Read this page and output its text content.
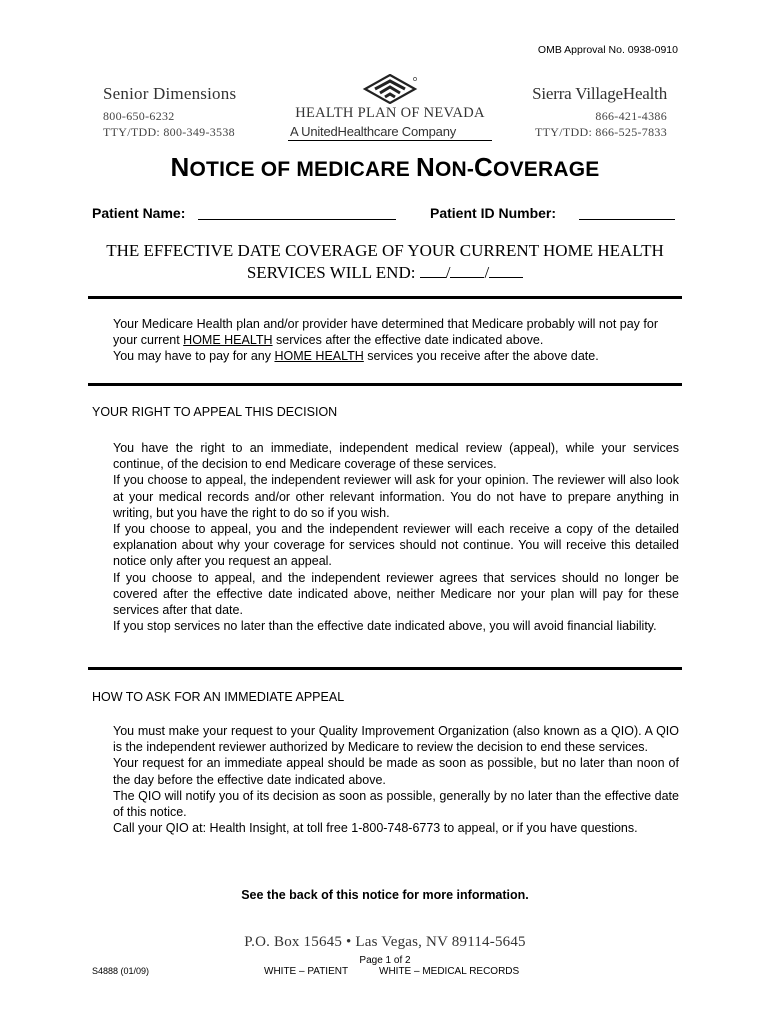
OMB Approval No. 0938-0910
Senior Dimensions
800-650-6232
TTY/TDD: 800-349-3538
HEALTH PLAN OF NEVADA
A UnitedHealthcare Company
Sierra VillageHealth
866-421-4386
TTY/TDD: 866-525-7833
NOTICE OF MEDICARE NON-COVERAGE
Patient Name:	Patient ID Number:
THE EFFECTIVE DATE COVERAGE OF YOUR CURRENT HOME HEALTH
SERVICES WILL END: / /
Your Medicare Health plan and/or provider have determined that Medicare probably will not pay for your current HOME HEALTH services after the effective date indicated above.
You may have to pay for any HOME HEALTH services you receive after the above date.
YOUR RIGHT TO APPEAL THIS DECISION
You have the right to an immediate, independent medical review (appeal), while your services continue, of the decision to end Medicare coverage of these services.
If you choose to appeal, the independent reviewer will ask for your opinion. The reviewer will also look at your medical records and/or other relevant information. You do not have to prepare anything in writing, but you have the right to do so if you wish.
If you choose to appeal, you and the independent reviewer will each receive a copy of the detailed explanation about why your coverage for services should not continue. You will receive this detailed notice only after you request an appeal.
If you choose to appeal, and the independent reviewer agrees that services should no longer be covered after the effective date indicated above, neither Medicare nor your plan will pay for these services after that date.
If you stop services no later than the effective date indicated above, you will avoid financial liability.
HOW TO ASK FOR AN IMMEDIATE APPEAL
You must make your request to your Quality Improvement Organization (also known as a QIO). A QIO is the independent reviewer authorized by Medicare to review the decision to end these services.
Your request for an immediate appeal should be made as soon as possible, but no later than noon of the day before the effective date indicated above.
The QIO will notify you of its decision as soon as possible, generally by no later than the effective date of this notice.
Call your QIO at: Health Insight, at toll free 1-800-748-6773 to appeal, or if you have questions.
See the back of this notice for more information.
P.O. Box 15645 • Las Vegas, NV 89114-5645
Page 1 of 2
S4888 (01/09)	WHITE – PATIENT	WHITE – MEDICAL RECORDS
